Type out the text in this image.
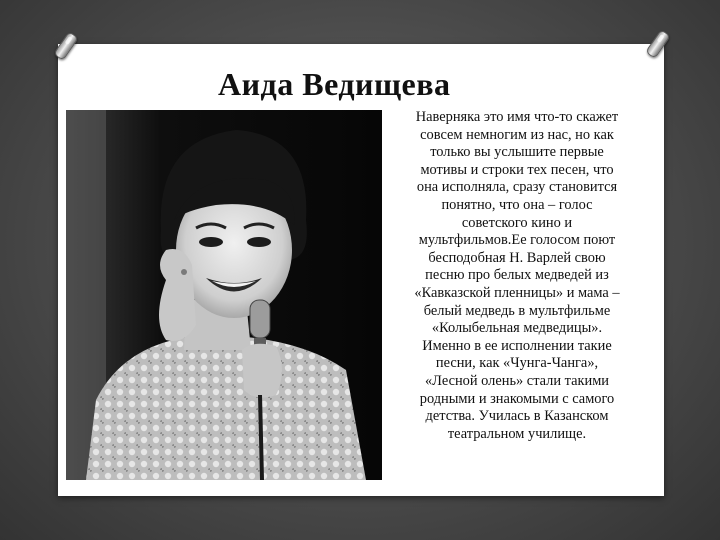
Аида Ведищева
Наверняка это имя что-то скажет
совсем немногим из нас, но как
только вы услышите первые
мотивы и строки тех песен, что
она исполняла, сразу становится
понятно, что она – голос
советского кино и
мультфильмов.Ее голосом поют
бесподобная Н. Варлей свою
песню про белых медведей из
«Кавказской пленницы» и мама –
белый медведь в мультфильме
«Колыбельная медведицы».
Именно в ее исполнении такие
песни, как «Чунга-Чанга»,
«Лесной олень» стали такими
родными и знакомыми с самого
детства. Училась в Казанском
театральном училище.
